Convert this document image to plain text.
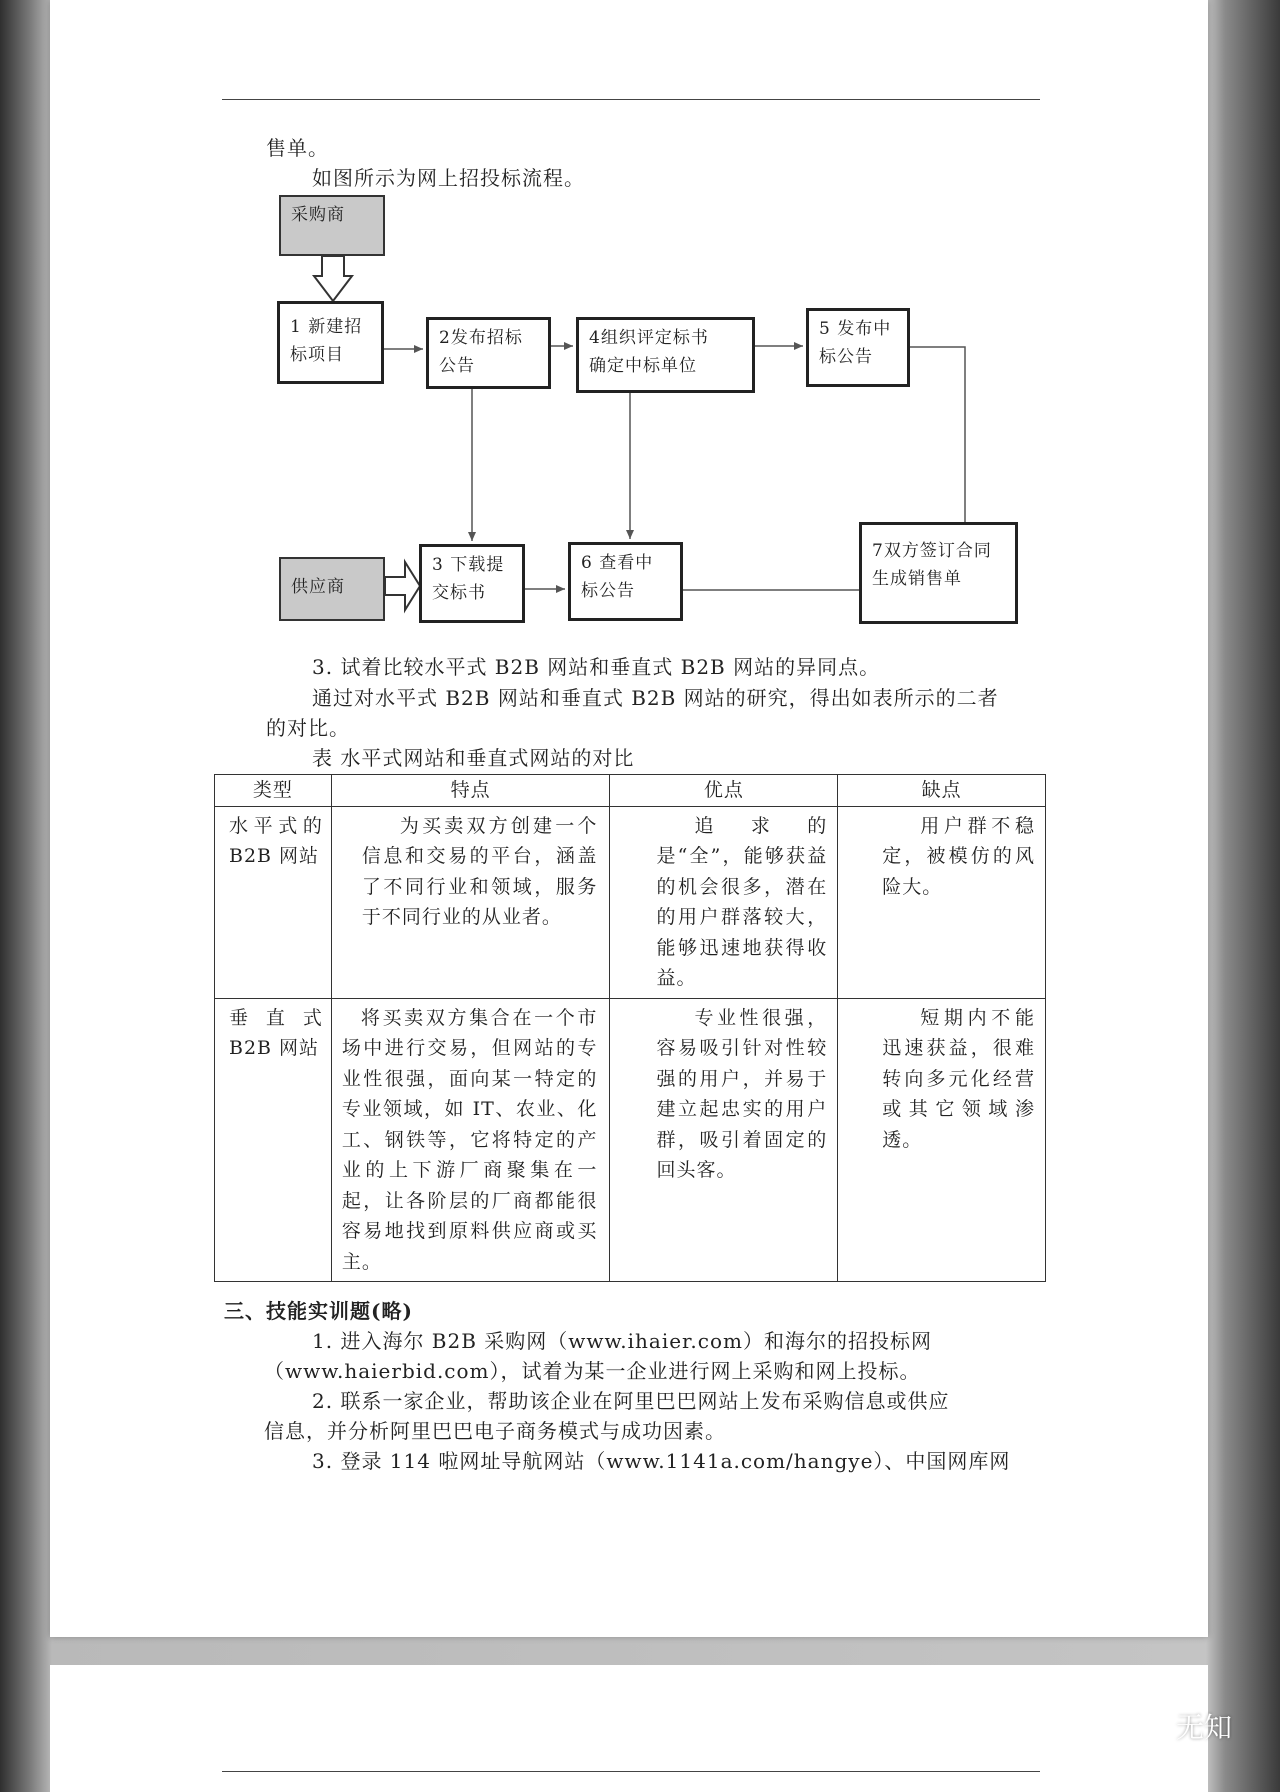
售单。
如图所示为网上招投标流程。
采购商
供应商
1 新建招
标项目
2发布招标
公告
4组织评定标书
确定中标单位
5 发布中
标公告
3 下载提
交标书
6 查看中
标公告
7双方签订合同
生成销售单
3. 试着比较水平式 B2B 网站和垂直式 B2B 网站的异同点。
通过对水平式 B2B 网站和垂直式 B2B 网站的研究，得出如表所示的二者
的对比。
表 水平式网站和垂直式网站的对比
类型	特点	优点	缺点
水平式的 B2B 网站	为买卖双方创建一个信息和交易的平台，涵盖了不同行业和领域，服务于不同行业的从业者。	追求的是“全”，能够获益的机会很多，潜在的用户群落较大，能够迅速地获得收益。	用户群不稳定，被模仿的风险大。
垂直式 B2B 网站	将买卖双方集合在一个市场中进行交易，但网站的专业性很强，面向某一特定的专业领域，如 IT、农业、化工、钢铁等，它将特定的产业的上下游厂商聚集在一起，让各阶层的厂商都能很容易地找到原料供应商或买主。	专业性很强，容易吸引针对性较强的用户，并易于建立起忠实的用户群，吸引着固定的回头客。	短期内不能迅速获益，很难转向多元化经营或其它领域渗透。
三、技能实训题(略)
1. 进入海尔 B2B 采购网（www.ihaier.com）和海尔的招投标网
（www.haierbid.com），试着为某一企业进行网上采购和网上投标。
2. 联系一家企业，帮助该企业在阿里巴巴网站上发布采购信息或供应
信息，并分析阿里巴巴电子商务模式与成功因素。
3. 登录 114 啦网址导航网站（www.1141a.com/hangye）、中国网库网
无知
